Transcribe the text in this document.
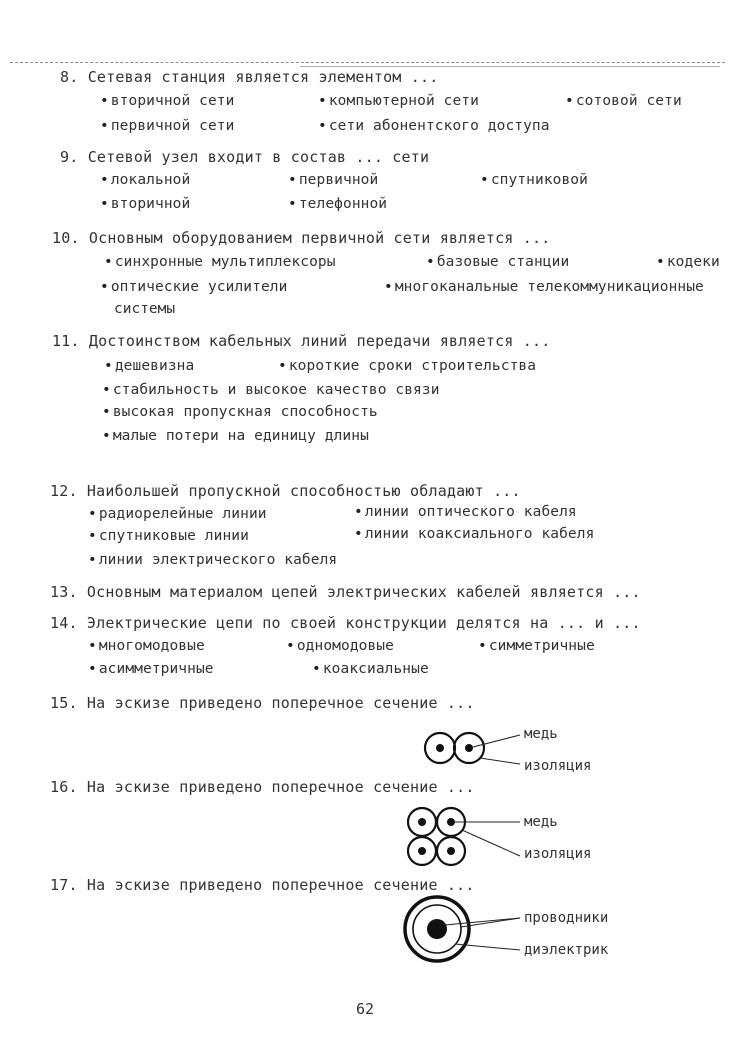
8. Сетевая станция является элементом ...
• вторичной сети	• компьютерной сети	• сотовой сети
• первичной сети	• сети абонентского доступа
9. Сетевой узел входит в состав ... сети
• локальной	• первичной	• спутниковой
• вторичной	• телефонной
10. Основным оборудованием первичной сети является ...
• синхронные мультиплексоры	• базовые станции	• кодеки
• оптические усилители	• многоканальные телекоммуникационные
системы
11. Достоинством кабельных линий передачи является ...
• дешевизна	• короткие сроки строительства
• стабильность и высокое качество связи
• высокая пропускная способность
• малые потери на единицу длины
12. Наибольшей пропускной способностью обладают ...
• радиорелейные линии	• линии оптического кабеля
• спутниковые линии	• линии коаксиального кабеля
• линии электрического кабеля
13. Основным материалом цепей электрических кабелей является ...
14. Электрические цепи по своей конструкции делятся на ... и ...
• многомодовые	• одномодовые	• симметричные
• асимметричные	• коаксиальные
15. На эскизе приведено поперечное сечение ...
медь
изоляция
16. На эскизе приведено поперечное сечение ...
медь
изоляция
17. На эскизе приведено поперечное сечение ...
проводники
диэлектрик
62
